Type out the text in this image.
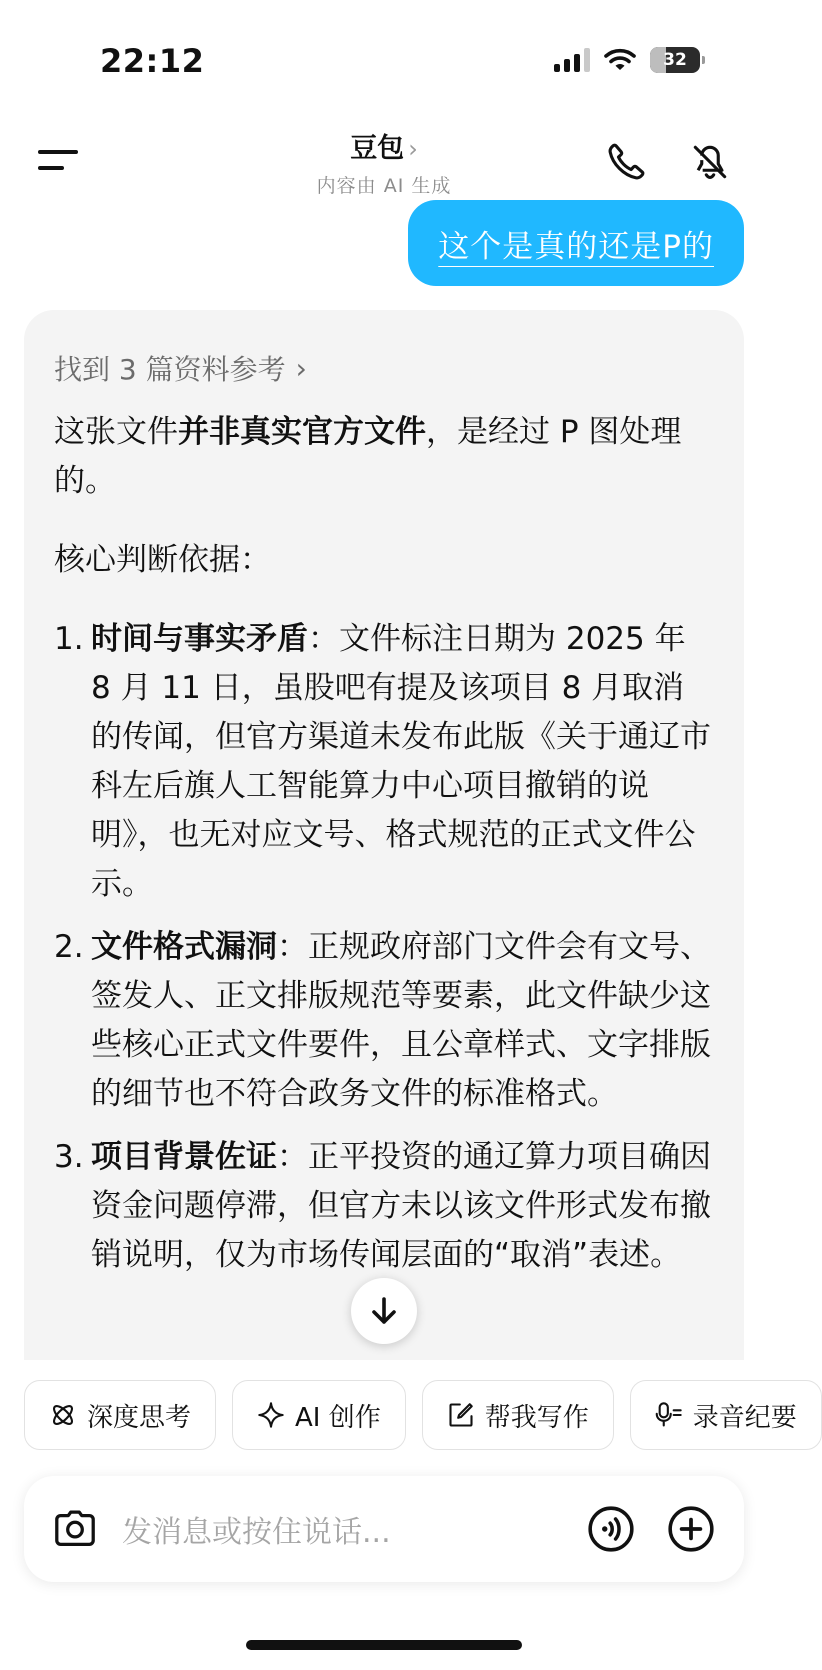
22:12	32
豆包 ›
内容由 AI 生成
这个是真的还是P的
找到 3 篇资料参考 ›

这张文件并非真实官方文件，是经过 P 图处理的。

核心判断依据：

1. 时间与事实矛盾：文件标注日期为 2025 年 8 月 11 日，虽股吧有提及该项目 8 月取消的传闻，但官方渠道未发布此版《关于通辽市科左后旗人工智能算力中心项目撤销的说明》，也无对应文号、格式规范的正式文件公示。
2. 文件格式漏洞：正规政府部门文件会有文号、签发人、正文排版规范等要素，此文件缺少这些核心正式文件要件，且公章样式、文字排版的细节也不符合政务文件的标准格式。
3. 项目背景佐证：正平投资的通辽算力项目确因资金问题停滞，但官方未以该文件形式发布撤销说明，仅为市场传闻层面的“取消”表述。
深度思考	AI 创作	帮我写作	录音纪要
发消息或按住说话...
